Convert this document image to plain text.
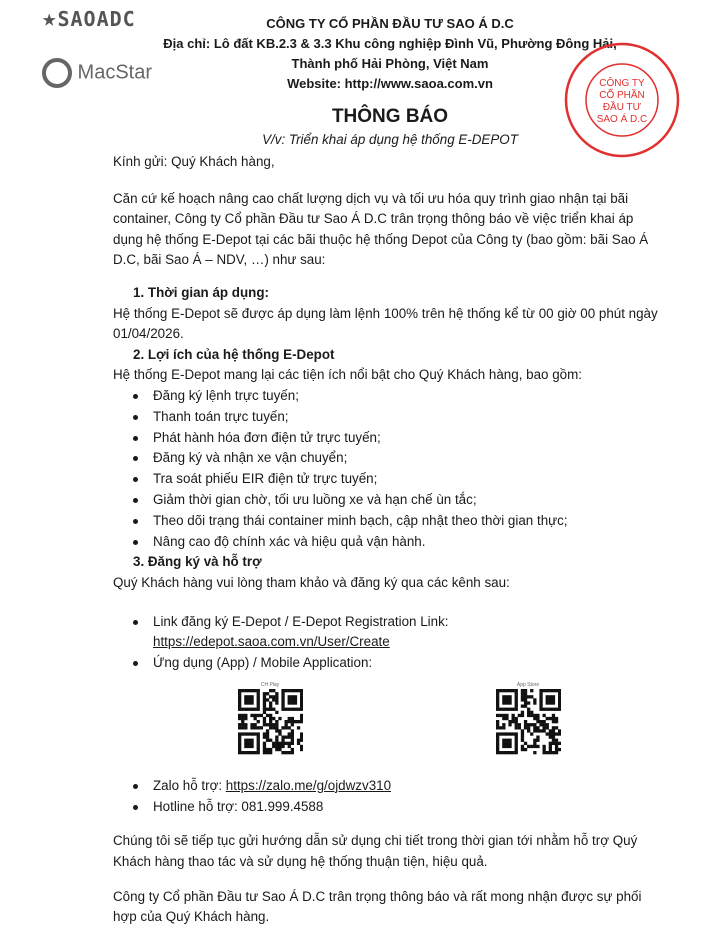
★SAOADC
MacStar
CÔNG TY CỔ PHẦN ĐẦU TƯ SAO Á D.C
Địa chỉ: Lô đất KB.2.3 & 3.3 Khu công nghiệp Đình Vũ, Phường Đông Hải,
Thành phố Hải Phòng, Việt Nam
Website: http://www.saoa.com.vn	CÔNG TY
CỔ PHẦN
ĐẦU TƯ
SAO Á D.C
THÔNG BÁO
V/v: Triển khai áp dụng hệ thống E-DEPOT
Kính gửi: Quý Khách hàng,
Căn cứ kế hoạch nâng cao chất lượng dịch vụ và tối ưu hóa quy trình giao nhận tại bãi container, Công ty Cổ phần Đầu tư Sao Á D.C trân trọng thông báo về việc triển khai áp dụng hệ thống E-Depot tại các bãi thuộc hệ thống Depot của Công ty (bao gồm: bãi Sao Á D.C, bãi Sao Á – NDV, …) như sau:
1. Thời gian áp dụng:
Hệ thống E-Depot sẽ được áp dụng làm lệnh 100% trên hệ thống kể từ 00 giờ 00 phút ngày 01/04/2026.
2. Lợi ích của hệ thống E-Depot
Hệ thống E-Depot mang lại các tiện ích nổi bật cho Quý Khách hàng, bao gồm:
Đăng ký lệnh trực tuyến;
Thanh toán trực tuyến;
Phát hành hóa đơn điện tử trực tuyến;
Đăng ký và nhận xe vận chuyển;
Tra soát phiếu EIR điện tử trực tuyến;
Giảm thời gian chờ, tối ưu luồng xe và hạn chế ùn tắc;
Theo dõi trạng thái container minh bạch, cập nhật theo thời gian thực;
Nâng cao độ chính xác và hiệu quả vận hành.
3. Đăng ký và hỗ trợ
Quý Khách hàng vui lòng tham khảo và đăng ký qua các kênh sau:
Link đăng ký E-Depot / E-Depot Registration Link:
https://edepot.saoa.com.vn/User/Create
Ứng dụng (App) / Mobile Application:
CH Play	App Store
Zalo hỗ trợ: https://zalo.me/g/ojdwzv310
Hotline hỗ trợ: 081.999.4588
Chúng tôi sẽ tiếp tục gửi hướng dẫn sử dụng chi tiết trong thời gian tới nhằm hỗ trợ Quý Khách hàng thao tác và sử dụng hệ thống thuận tiện, hiệu quả.
Công ty Cổ phần Đầu tư Sao Á D.C trân trọng thông báo và rất mong nhận được sự phối hợp của Quý Khách hàng.
